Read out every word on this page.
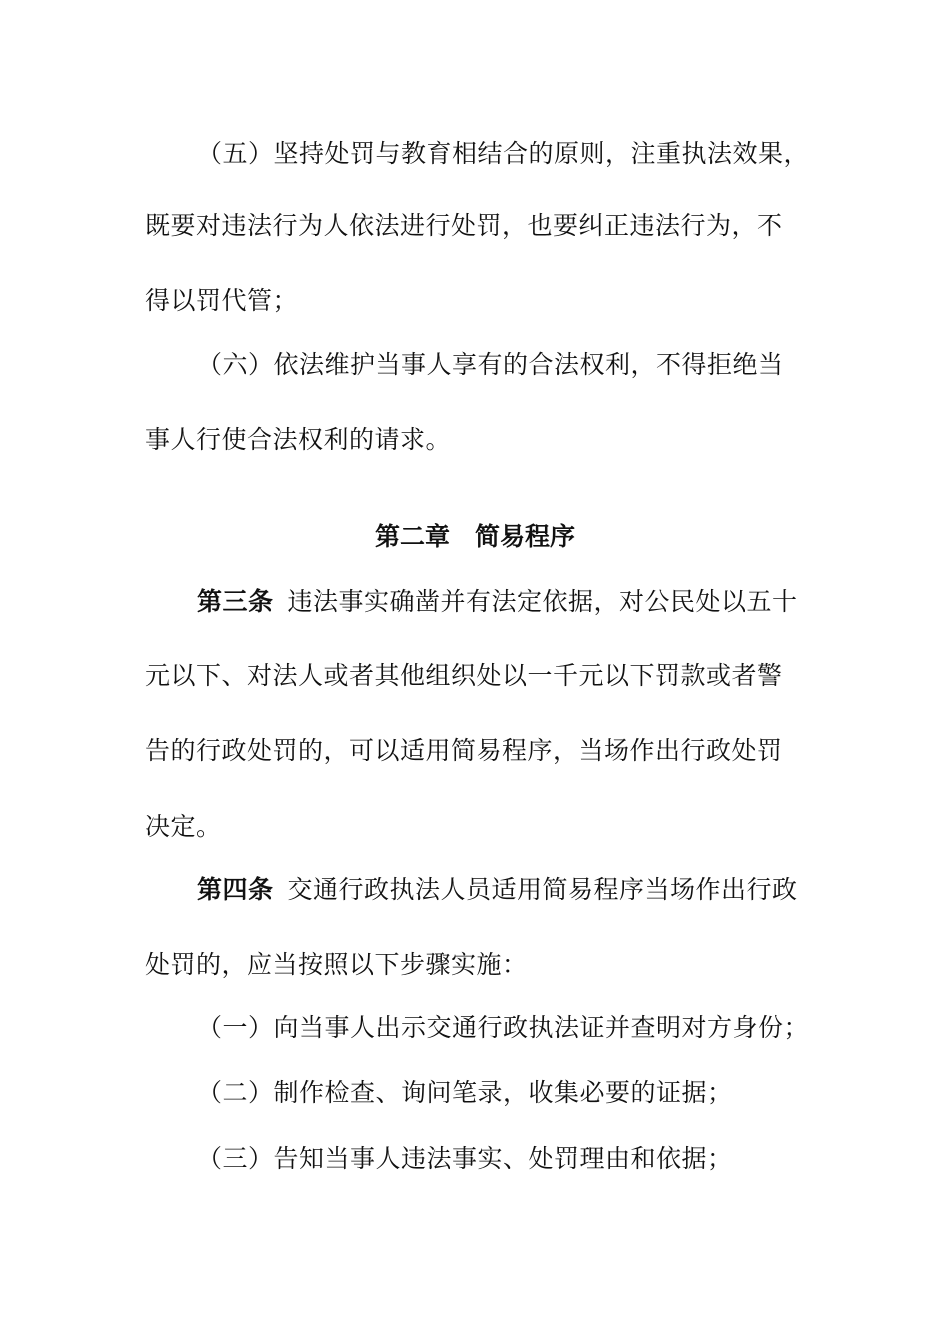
（五）坚持处罚与教育相结合的原则，注重执法效果，
既要对违法行为人依法进行处罚，也要纠正违法行为，不
得以罚代管；
（六）依法维护当事人享有的合法权利，不得拒绝当
事人行使合法权利的请求。
第二章　简易程序
第三条 违法事实确凿并有法定依据，对公民处以五十
元以下、对法人或者其他组织处以一千元以下罚款或者警
告的行政处罚的，可以适用简易程序，当场作出行政处罚
决定。
第四条 交通行政执法人员适用简易程序当场作出行政
处罚的，应当按照以下步骤实施：
（一）向当事人出示交通行政执法证并查明对方身份；
（二）制作检查、询问笔录，收集必要的证据；
（三）告知当事人违法事实、处罚理由和依据；
